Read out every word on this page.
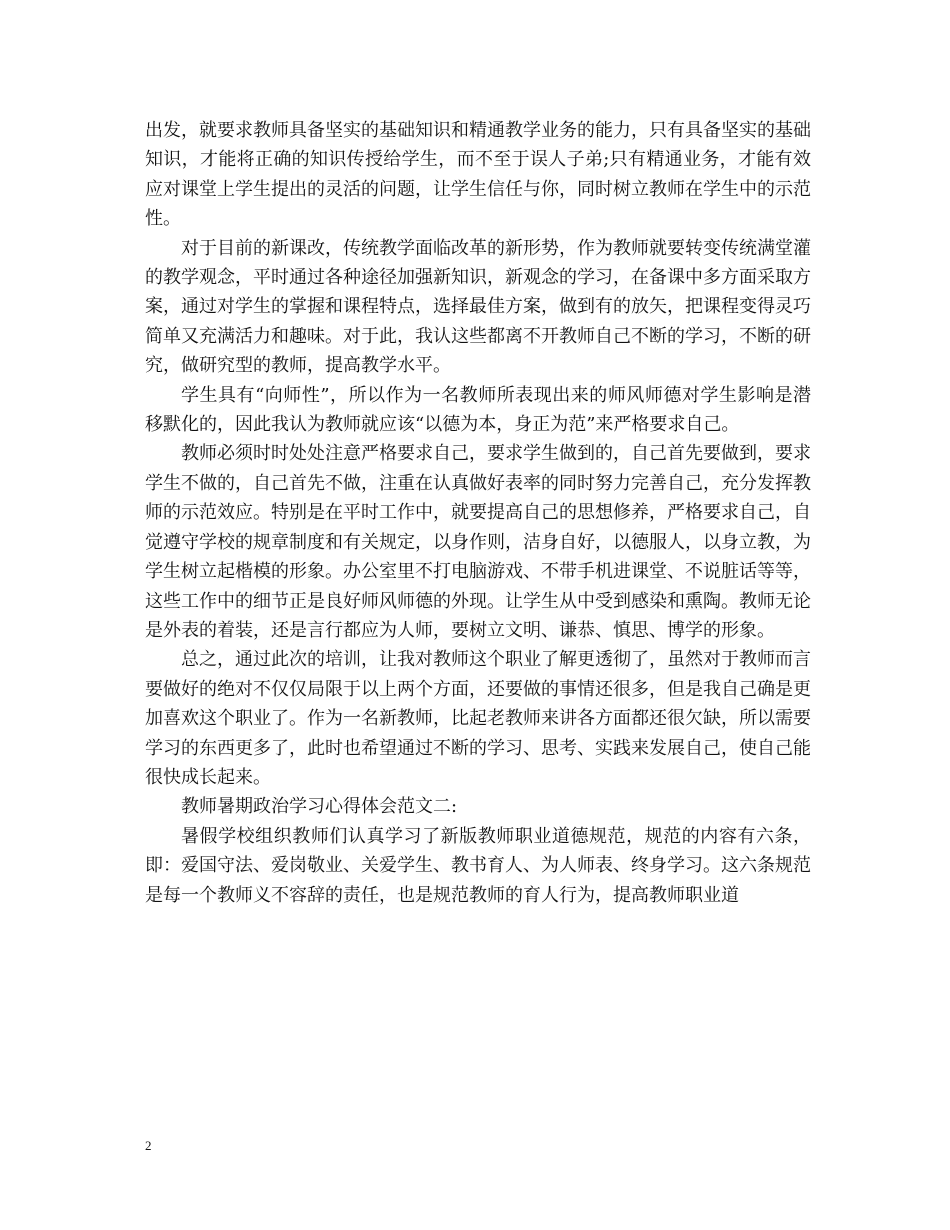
出发，就要求教师具备坚实的基础知识和精通教学业务的能力，只有具备坚实的基础知识，才能将正确的知识传授给学生，而不至于误人子弟;只有精通业务，才能有效应对课堂上学生提出的灵活的问题，让学生信任与你，同时树立教师在学生中的示范性。

对于目前的新课改，传统教学面临改革的新形势，作为教师就要转变传统满堂灌的教学观念，平时通过各种途径加强新知识，新观念的学习，在备课中多方面采取方案，通过对学生的掌握和课程特点，选择最佳方案，做到有的放矢，把课程变得灵巧简单又充满活力和趣味。对于此，我认这些都离不开教师自己不断的学习，不断的研究，做研究型的教师，提高教学水平。

学生具有“向师性”，所以作为一名教师所表现出来的师风师德对学生影响是潜移默化的，因此我认为教师就应该“以德为本，身正为范”来严格要求自己。

教师必须时时处处注意严格要求自己，要求学生做到的，自己首先要做到，要求学生不做的，自己首先不做，注重在认真做好表率的同时努力完善自己，充分发挥教师的示范效应。特别是在平时工作中，就要提高自己的思想修养，严格要求自己，自觉遵守学校的规章制度和有关规定，以身作则，洁身自好，以德服人，以身立教，为学生树立起楷模的形象。办公室里不打电脑游戏、不带手机进课堂、不说脏话等等，这些工作中的细节正是良好师风师德的外现。让学生从中受到感染和熏陶。教师无论是外表的着装，还是言行都应为人师，要树立文明、谦恭、慎思、博学的形象。

总之，通过此次的培训，让我对教师这个职业了解更透彻了，虽然对于教师而言要做好的绝对不仅仅局限于以上两个方面，还要做的事情还很多，但是我自己确是更加喜欢这个职业了。作为一名新教师，比起老教师来讲各方面都还很欠缺，所以需要学习的东西更多了，此时也希望通过不断的学习、思考、实践来发展自己，使自己能很快成长起来。

教师暑期政治学习心得体会范文二:

暑假学校组织教师们认真学习了新版教师职业道德规范，规范的内容有六条，即：爱国守法、爱岗敬业、关爱学生、教书育人、为人师表、终身学习。这六条规范是每一个教师义不容辞的责任，也是规范教师的育人行为，提高教师职业道

2
